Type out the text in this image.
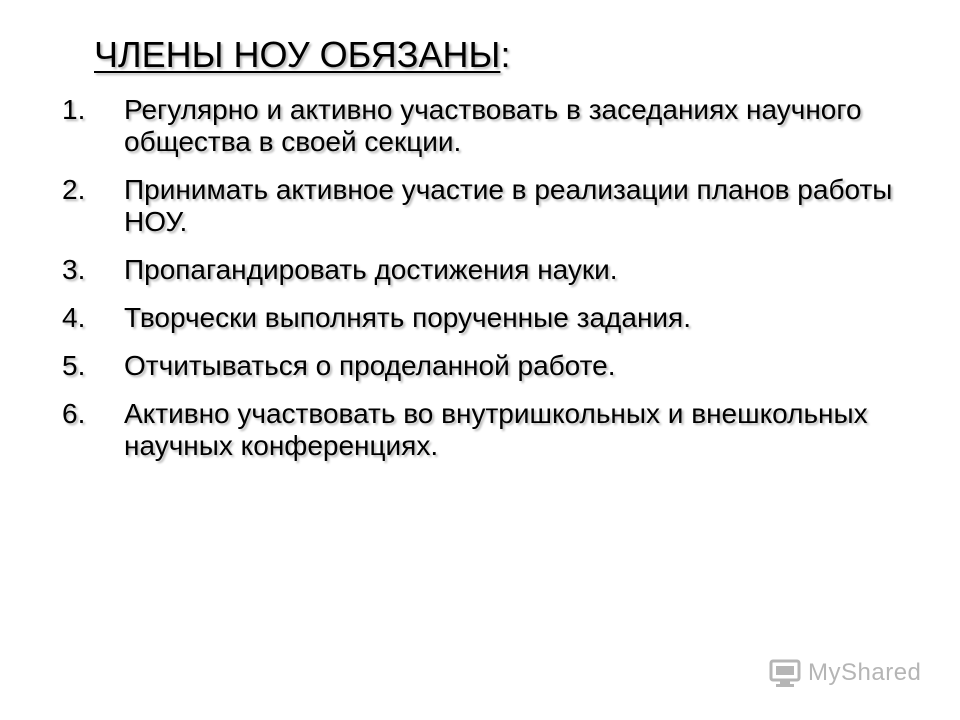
ЧЛЕНЫ НОУ ОБЯЗАНЫ:
1. Регулярно и активно участвовать в заседаниях научного общества в своей секции.
2. Принимать активное участие в реализации планов работы НОУ.
3. Пропагандировать достижения науки.
4. Творчески выполнять порученные задания.
5. Отчитываться о проделанной работе.
6. Активно участвовать во внутришкольных и внешкольных научных конференциях.
MyShared
